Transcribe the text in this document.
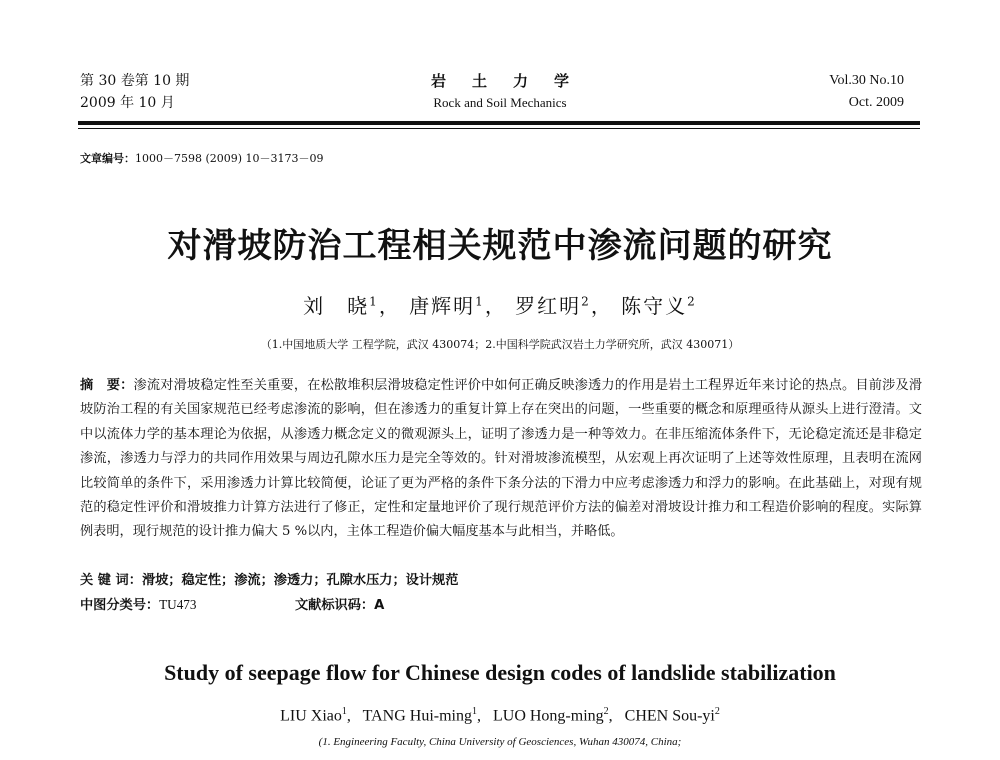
第 30 卷第 10 期
2009 年 10 月
岩土力学
Rock and Soil Mechanics
Vol.30 No.10
Oct. 2009
文章编号：1000－7598 (2009) 10－3173－09
对滑坡防治工程相关规范中渗流问题的研究
刘　晓$^1$， 唐辉明$^1$， 罗红明$^2$， 陈守义$^2$
（1.中国地质大学 工程学院，武汉 430074；2.中国科学院武汉岩土力学研究所，武汉 430071）
摘　要：渗流对滑坡稳定性至关重要，在松散堆积层滑坡稳定性评价中如何正确反映渗透力的作用是岩土工程界近年来讨论的热点。目前涉及滑坡防治工程的有关国家规范已经考虑渗流的影响，但在渗透力的重复计算上存在突出的问题，一些重要的概念和原理亟待从源头上进行澄清。文中以流体力学的基本理论为依据，从渗透力概念定义的微观源头上，证明了渗透力是一种等效力。在非压缩流体条件下，无论稳定流还是非稳定渗流，渗透力与浮力的共同作用效果与周边孔隙水压力是完全等效的。针对滑坡渗流模型，从宏观上再次证明了上述等效性原理，且表明在流网比较简单的条件下，采用渗透力计算比较简便，论证了更为严格的条件下条分法的下滑力中应考虑渗透力和浮力的影响。在此基础上，对现有规范的稳定性评价和滑坡推力计算方法进行了修正，定性和定量地评价了现行规范评价方法的偏差对滑坡设计推力和工程造价影响的程度。实际算例表明，现行规范的设计推力偏大 5 %以内，主体工程造价偏大幅度基本与此相当，并略低。
关 键 词：滑坡；稳定性；渗流；渗透力；孔隙水压力；设计规范
中图分类号：TU473	文献标识码：A
Study of seepage flow for Chinese design codes of landslide stabilization
LIU Xiao$^1$,   TANG Hui-ming$^1$,   LUO Hong-ming$^2$,   CHEN Sou-$yi^2$
(1. Engineering Faculty, China University of Geosciences, Wuhan 430074, China;
